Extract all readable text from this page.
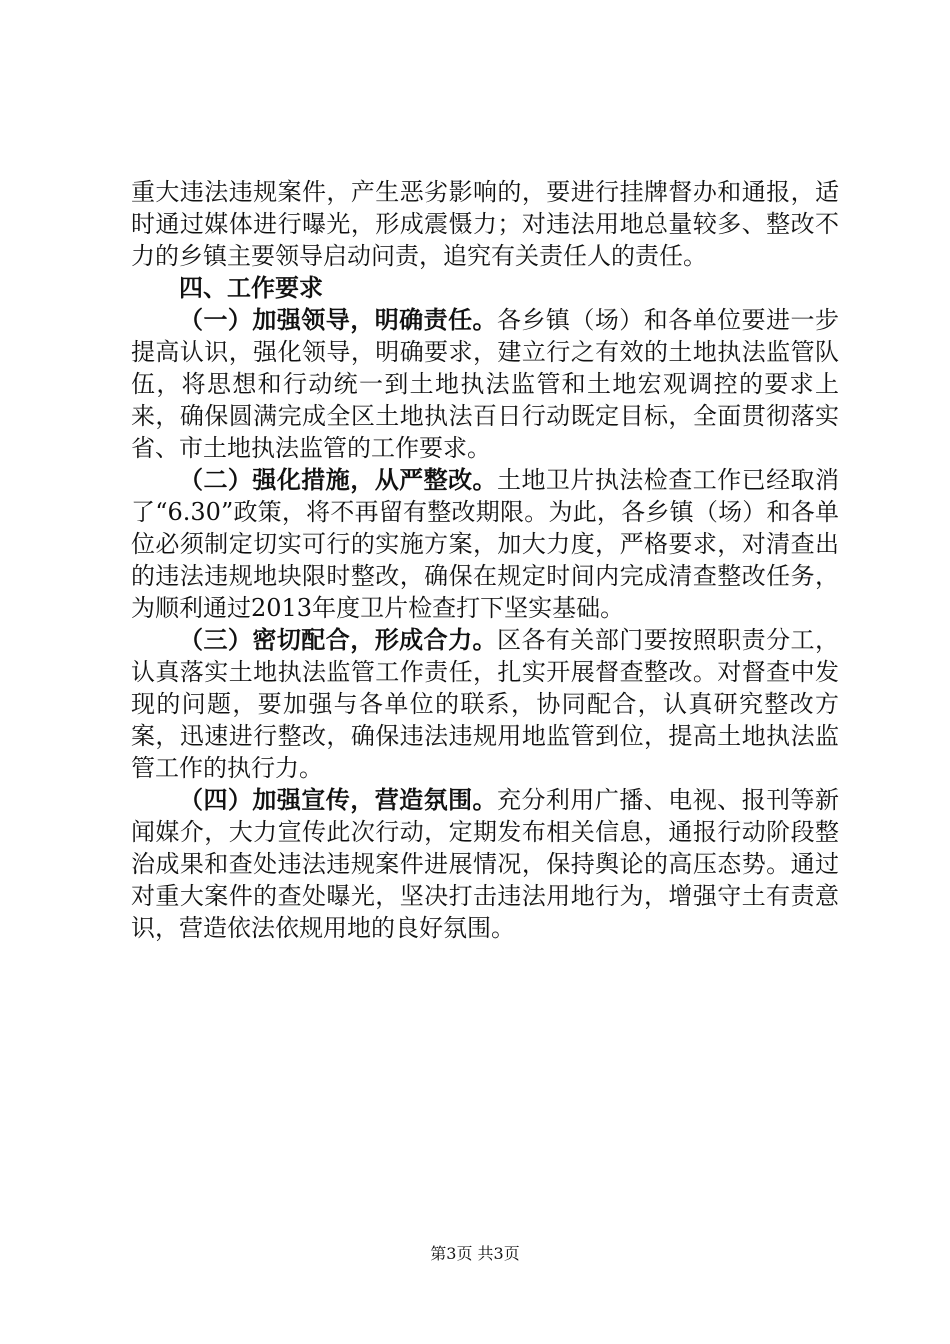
重大违法违规案件，产生恶劣影响的，要进行挂牌督办和通报，适时通过媒体进行曝光，形成震慑力；对违法用地总量较多、整改不力的乡镇主要领导启动问责，追究有关责任人的责任。

四、工作要求

（一）加强领导，明确责任。各乡镇（场）和各单位要进一步提高认识，强化领导，明确要求，建立行之有效的土地执法监管队伍，将思想和行动统一到土地执法监管和土地宏观调控的要求上来，确保圆满完成全区土地执法百日行动既定目标，全面贯彻落实省、市土地执法监管的工作要求。

（二）强化措施，从严整改。土地卫片执法检查工作已经取消了“6.30”政策，将不再留有整改期限。为此，各乡镇（场）和各单位必须制定切实可行的实施方案，加大力度，严格要求，对清查出的违法违规地块限时整改，确保在规定时间内完成清查整改任务，为顺利通过2013年度卫片检查打下坚实基础。

（三）密切配合，形成合力。区各有关部门要按照职责分工，认真落实土地执法监管工作责任，扎实开展督查整改。对督查中发现的问题，要加强与各单位的联系，协同配合，认真研究整改方案，迅速进行整改，确保违法违规用地监管到位，提高土地执法监管工作的执行力。

（四）加强宣传，营造氛围。充分利用广播、电视、报刊等新闻媒介，大力宣传此次行动，定期发布相关信息，通报行动阶段整治成果和查处违法违规案件进展情况，保持舆论的高压态势。通过对重大案件的查处曝光，坚决打击违法用地行为，增强守土有责意识，营造依法依规用地的良好氛围。

第3页 共3页
